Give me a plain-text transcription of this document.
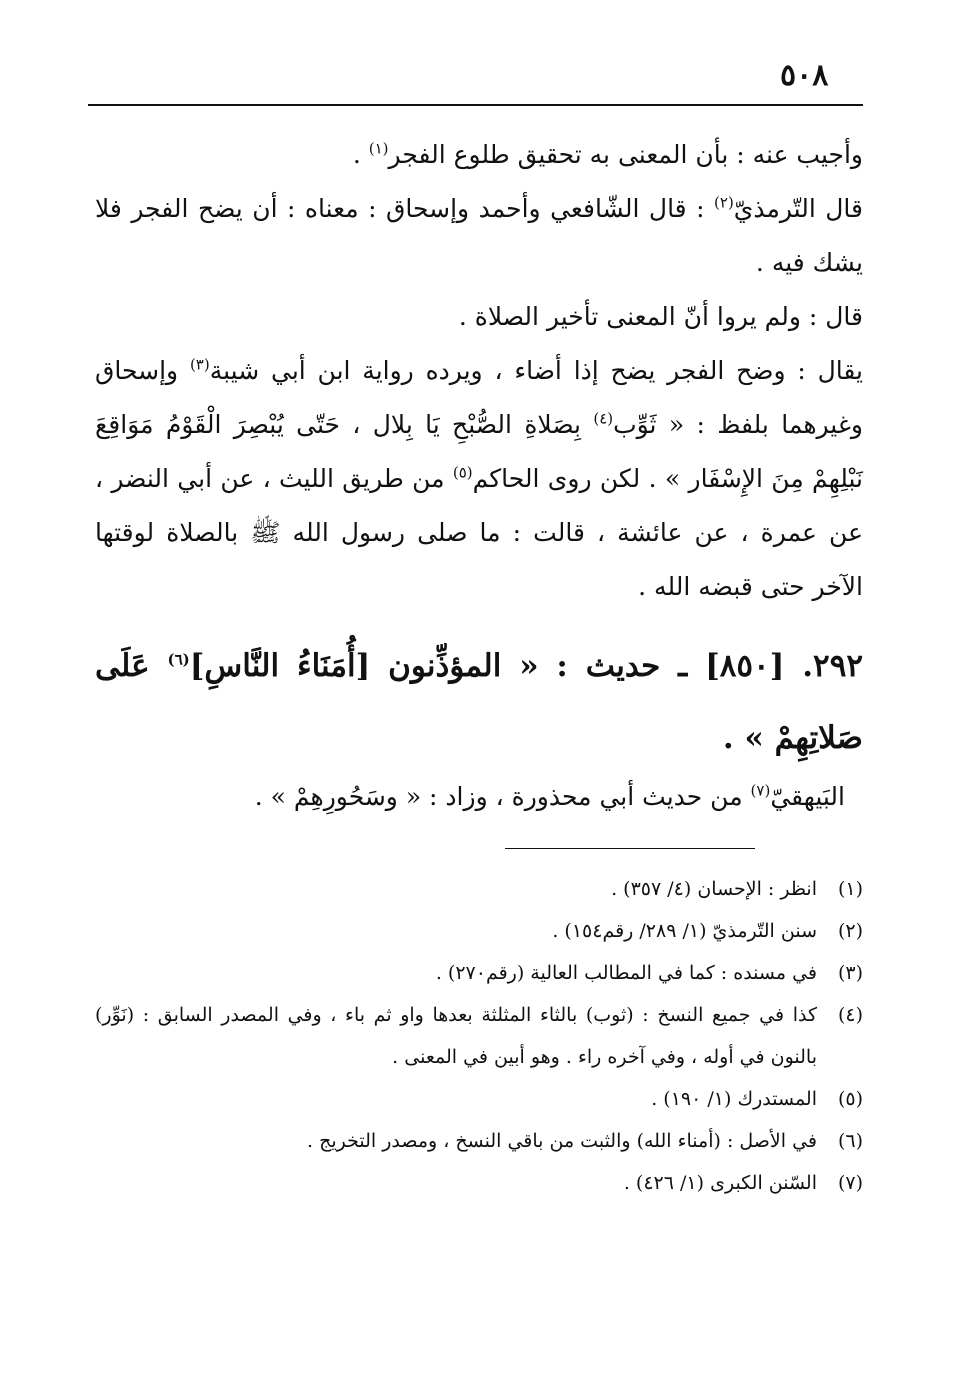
٥٠٨

وأجيب عنه : بأن المعنى به تحقيق طلوع الفجر$^{(١)}$ .

قال التّرمذيّ$^{(٢)}$ : قال الشّافعي وأحمد وإسحاق : معناه : أن يضح الفجر فلا يشك فيه .

قال : ولم يروا أنّ المعنى تأخير الصلاة .

يقال : وضح الفجر يضح إذا أضاء ، ويرده رواية ابن أبي شيبة$^{(٣)}$ وإسحاق وغيرهما بلفظ : « ثَوِّب$^{(٤)}$ بِصَلاةِ الصُّبْحِ يَا بِلال ، حَتّى يُبْصِرَ الْقَوْمُ مَوَاقِعَ نَبْلِهِمْ مِنَ الإِسْفَار » . لكن روى الحاكم$^{(٥)}$ من طريق الليث ، عن أبي النضر ، عن عمرة ، عن عائشة ، قالت : ما صلى رسول الله ﷺ بالصلاة لوقتها الآخر حتى قبضه الله .

٢٩٢. [٨٥٠] ـ حديث : « المؤذِّنون [أُمَنَاءُ النَّاسِ]$^{(٦)}$ عَلَى صَلاتِهِمْ » .

البَيهقيّ$^{(٧)}$ من حديث أبي محذورة ، وزاد : « وسَحُورِهِمْ » .
(١)
انظر : الإحسان (٤/ ٣٥٧) .
(٢)
سنن التّرمذيّ (١/ ٢٨٩/ رقم١٥٤) .
(٣)
في مسنده : كما في المطالب العالية (رقم٢٧٠) .
(٤)
كذا في جميع النسخ : (ثوب) بالثاء المثلثة بعدها واو ثم باء ، وفي المصدر السابق : (نَوِّر) بالنون في أوله ، وفي آخره راء . وهو أبين في المعنى .
(٥)
المستدرك (١/ ١٩٠) .
(٦)
في الأصل : (أمناء الله) والثبت من باقي النسخ ، ومصدر التخريج .
(٧)
السّنن الكبرى (١/ ٤٢٦) .
